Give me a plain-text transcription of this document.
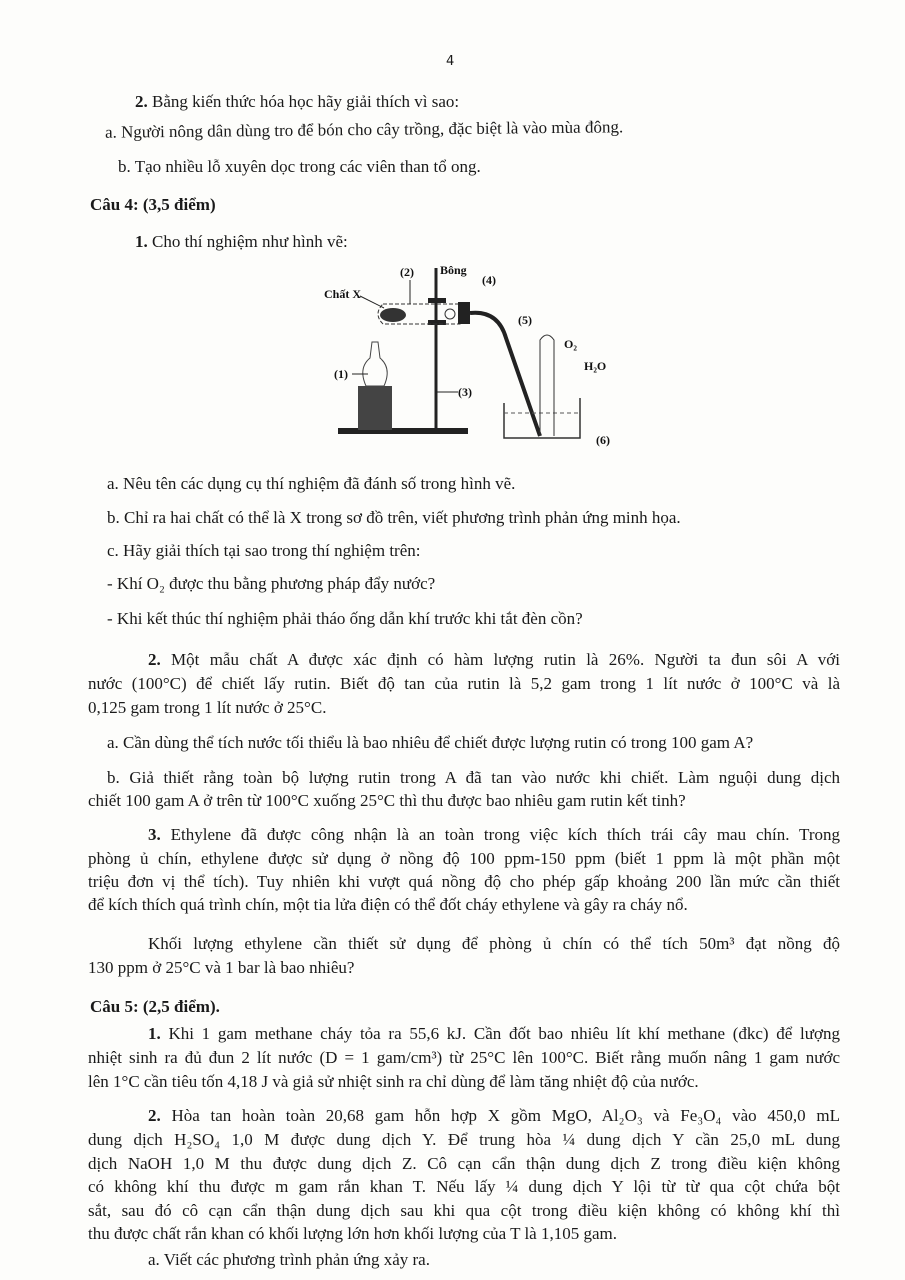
4
2. Bằng kiến thức hóa học hãy giải thích vì sao:
a. Người nông dân dùng tro để bón cho cây trồng, đặc biệt là vào mùa đông.
b. Tạo nhiều lỗ xuyên dọc trong các viên than tổ ong.
Câu 4: (3,5 điểm)
1. Cho thí nghiệm như hình vẽ:
Chất X
(2) Bông
(4)
(5)
O₂
H₂O
(1)
(3)
(6)
a. Nêu tên các dụng cụ thí nghiệm đã đánh số trong hình vẽ.
b. Chỉ ra hai chất có thể là X trong sơ đồ trên, viết phương trình phản ứng minh họa.
c. Hãy giải thích tại sao trong thí nghiệm trên:
- Khí O₂ được thu bằng phương pháp đẩy nước?
- Khi kết thúc thí nghiệm phải tháo ống dẫn khí trước khi tắt đèn cồn?
2. Một mẫu chất A được xác định có hàm lượng rutin là 26%. Người ta đun sôi A với
nước (100°C) để chiết lấy rutin. Biết độ tan của rutin là 5,2 gam trong 1 lít nước ở 100°C và là
0,125 gam trong 1 lít nước ở 25°C.
a. Cần dùng thể tích nước tối thiểu là bao nhiêu để chiết được lượng rutin có trong 100 gam A?
b. Giả thiết rằng toàn bộ lượng rutin trong A đã tan vào nước khi chiết. Làm nguội dung dịch
chiết 100 gam A ở trên từ 100°C xuống 25°C thì thu được bao nhiêu gam rutin kết tinh?
3. Ethylene đã được công nhận là an toàn trong việc kích thích trái cây mau chín. Trong
phòng ủ chín, ethylene được sử dụng ở nồng độ 100 ppm-150 ppm (biết 1 ppm là một phần một
triệu đơn vị thể tích). Tuy nhiên khi vượt quá nồng độ cho phép gấp khoảng 200 lần mức cần thiết
để kích thích quá trình chín, một tia lửa điện có thể đốt cháy ethylene và gây ra cháy nổ.
Khối lượng ethylene cần thiết sử dụng để phòng ủ chín có thể tích 50m³ đạt nồng độ
130 ppm ở 25°C và 1 bar là bao nhiêu?
Câu 5: (2,5 điểm).
1. Khi 1 gam methane cháy tỏa ra 55,6 kJ. Cần đốt bao nhiêu lít khí methane (đkc) để lượng
nhiệt sinh ra đủ đun 2 lít nước (D = 1 gam/cm³) từ 25°C lên 100°C. Biết rằng muốn nâng 1 gam nước
lên 1°C cần tiêu tốn 4,18 J và giả sử nhiệt sinh ra chỉ dùng để làm tăng nhiệt độ của nước.
2. Hòa tan hoàn toàn 20,68 gam hỗn hợp X gồm MgO, Al₂O₃ và Fe₃O₄ vào 450,0 mL
dung dịch H₂SO₄ 1,0 M được dung dịch Y. Để trung hòa ¼ dung dịch Y cần 25,0 mL dung
dịch NaOH 1,0 M thu được dung dịch Z. Cô cạn cẩn thận dung dịch Z trong điều kiện không
có không khí thu được m gam rắn khan T. Nếu lấy ¼ dung dịch Y lội từ từ qua cột chứa bột
sắt, sau đó cô cạn cẩn thận dung dịch sau khi qua cột trong điều kiện không có không khí thì
thu được chất rắn khan có khối lượng lớn hơn khối lượng của T là 1,105 gam.
a. Viết các phương trình phản ứng xảy ra.
